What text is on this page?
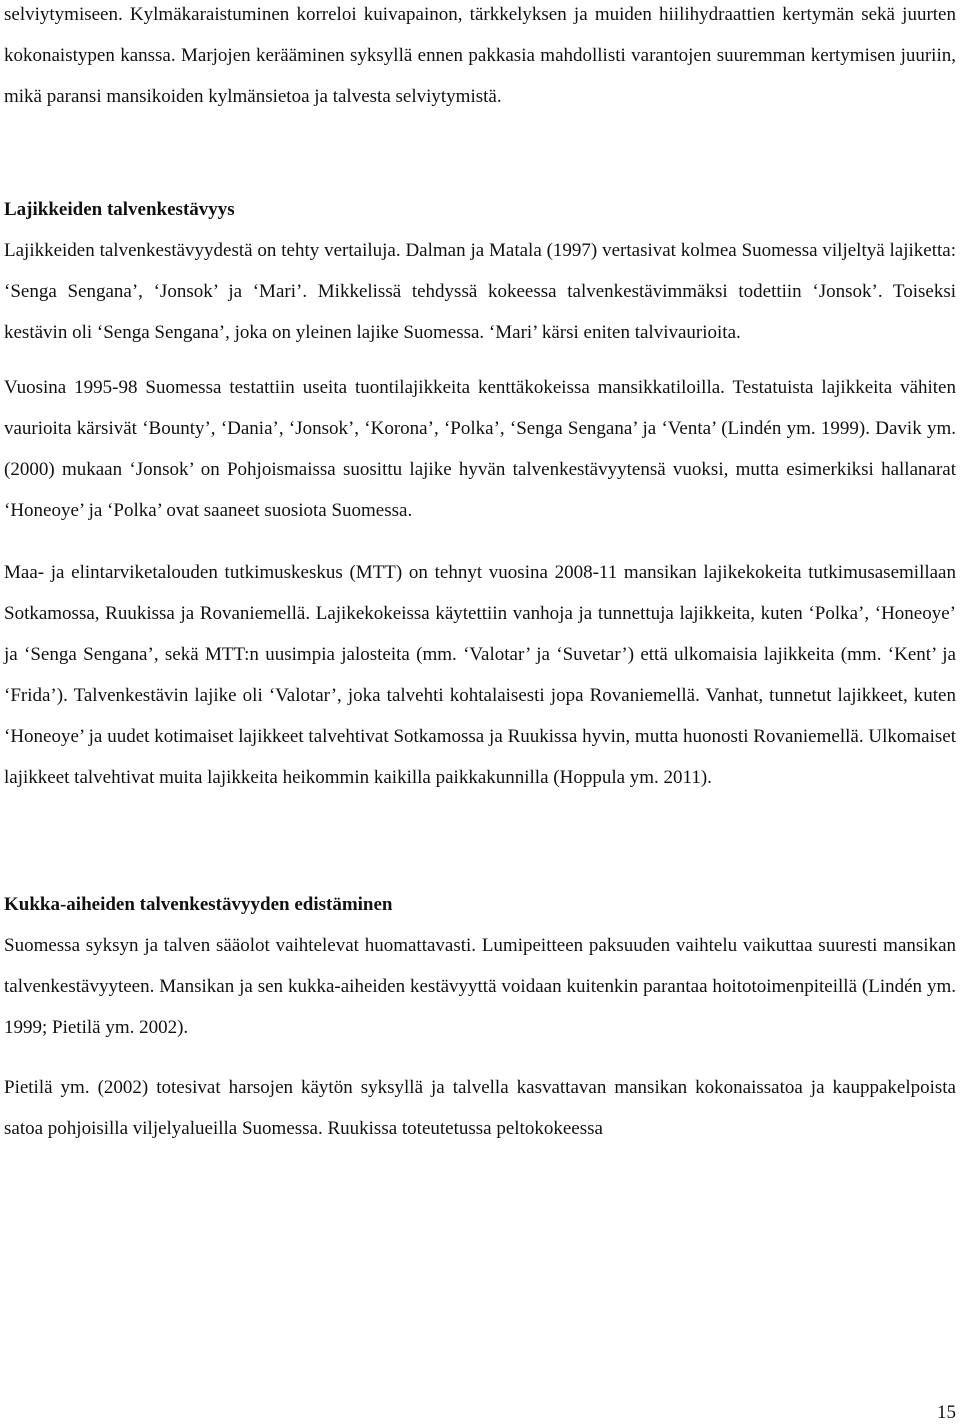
selviytymiseen. Kylmäkaraistuminen korreloi kuivapainon, tärkkelyksen ja muiden hiilihydraattien kertymän sekä juurten kokonaistypen kanssa. Marjojen kerääminen syksyllä ennen pakkasia mahdollisti varantojen suuremman kertymisen juuriin, mikä paransi mansikoiden kylmänsietoa ja talvesta selviytymistä.

Lajikkeiden talvenkestävyys

Lajikkeiden talvenkestävyydestä on tehty vertailuja. Dalman ja Matala (1997) vertasivat kolmea Suomessa viljeltyä lajiketta: ‘Senga Sengana’, ‘Jonsok’ ja ‘Mari’. Mikkelissä tehdyssä kokeessa talvenkestävimmäksi todettiin ‘Jonsok’. Toiseksi kestävin oli ‘Senga Sengana’, joka on yleinen lajike Suomessa. ‘Mari’ kärsi eniten talvivaurioita.

Vuosina 1995-98 Suomessa testattiin useita tuontilajikkeita kenttäkokeissa mansikkatiloilla. Testatuista lajikkeita vähiten vaurioita kärsivät ‘Bounty’, ‘Dania’, ‘Jonsok’, ‘Korona’, ‘Polka’, ‘Senga Sengana’ ja ‘Venta’ (Lindén ym. 1999). Davik ym. (2000) mukaan ‘Jonsok’ on Pohjoismaissa suosittu lajike hyvän talvenkestävyytensä vuoksi, mutta esimerkiksi hallanarat ‘Honeoye’ ja ‘Polka’ ovat saaneet suosiota Suomessa.

Maa- ja elintarviketalouden tutkimuskeskus (MTT) on tehnyt vuosina 2008-11 mansikan lajikekokeita tutkimusasemillaan Sotkamossa, Ruukissa ja Rovaniemellä. Lajikekokeissa käytettiin vanhoja ja tunnettuja lajikkeita, kuten ‘Polka’, ‘Honeoye’ ja ‘Senga Sengana’, sekä MTT:n uusimpia jalosteita (mm. ‘Valotar’ ja ‘Suvetar’) että ulkomaisia lajikkeita (mm. ‘Kent’ ja ‘Frida’). Talvenkestävin lajike oli ‘Valotar’, joka talvehti kohtalaisesti jopa Rovaniemellä. Vanhat, tunnetut lajikkeet, kuten ‘Honeoye’ ja uudet kotimaiset lajikkeet talvehtivat Sotkamossa ja Ruukissa hyvin, mutta huonosti Rovaniemellä. Ulkomaiset lajikkeet talvehtivat muita lajikkeita heikommin kaikilla paikkakunnilla (Hoppula ym. 2011).

Kukka-aiheiden talvenkestävyyden edistäminen

Suomessa syksyn ja talven sääolot vaihtelevat huomattavasti. Lumipeitteen paksuuden vaihtelu vaikuttaa suuresti mansikan talvenkestävyyteen. Mansikan ja sen kukka-aiheiden kestävyyttä voidaan kuitenkin parantaa hoitotoimenpiteillä (Lindén ym. 1999; Pietilä ym. 2002).

Pietilä ym. (2002) totesivat harsojen käytön syksyllä ja talvella kasvattavan mansikan kokonaissatoa ja kauppakelpoista satoa pohjoisilla viljelyalueilla Suomessa. Ruukissa toteutetussa peltokokeessa

15
